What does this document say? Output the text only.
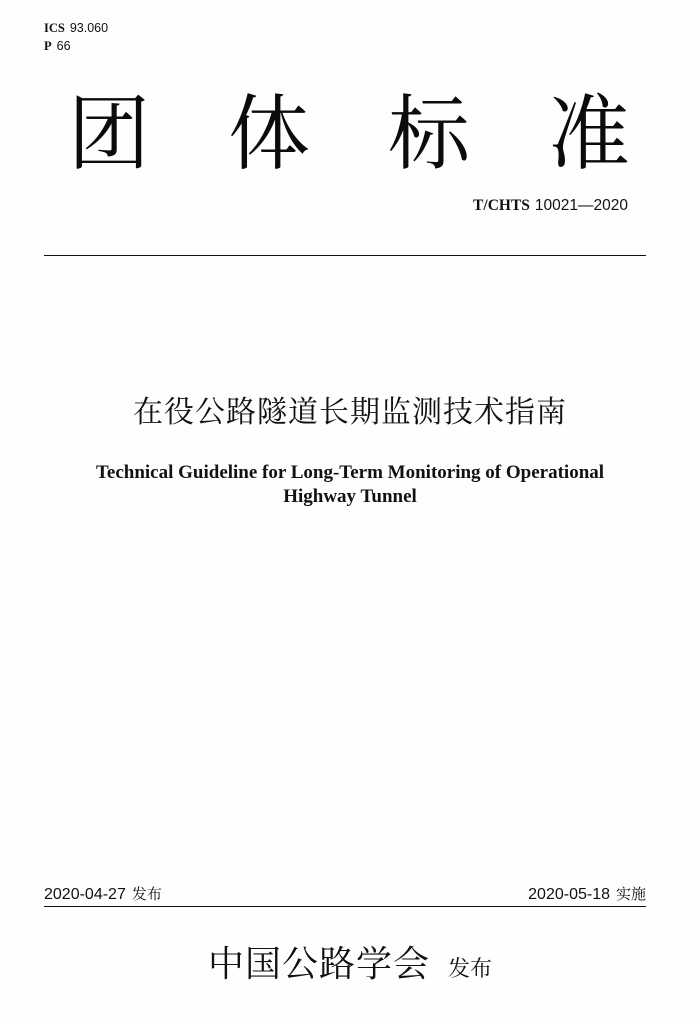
ICS 93.060
P 66
团 体 标 准
T/CHTS 10021—2020
在役公路隧道长期监测技术指南
Technical Guideline for Long-Term Monitoring of Operational
Highway Tunnel
2020-04-27 发布	2020-05-18 实施
中国公路学会 发布
